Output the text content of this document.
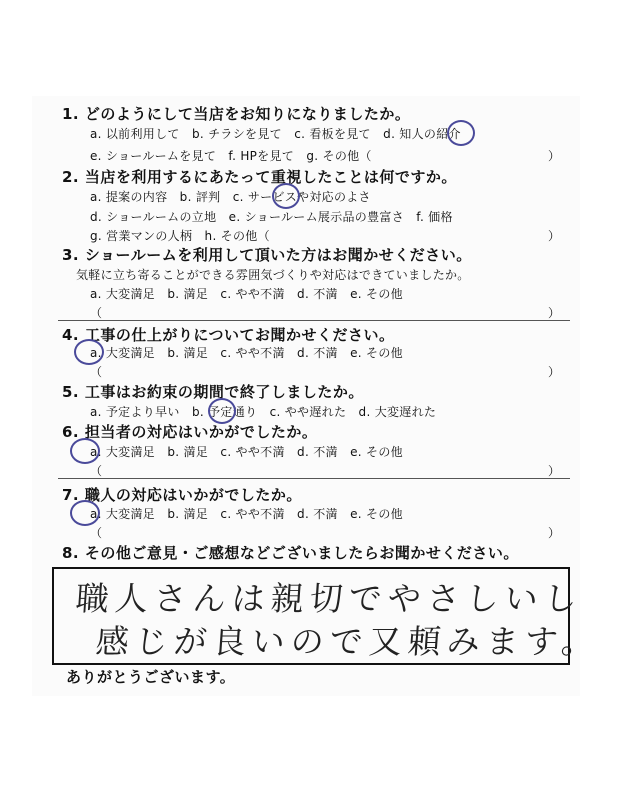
1. どのようにして当店をお知りになりましたか。
a. 以前利用して　b. チラシを見て　c. 看板を見て　d. 知人の紹介
e. ショールームを見て　f. HPを見て　g. その他（	）
2. 当店を利用するにあたって重視したことは何ですか。
a. 提案の内容　b. 評判　c. サービスや対応のよさ
d. ショールームの立地　e. ショールーム展示品の豊富さ　f. 価格
g. 営業マンの人柄　h. その他（	）
3. ショールームを利用して頂いた方はお聞かせください。
気軽に立ち寄ることができる雰囲気づくりや対応はできていましたか。
a. 大変満足　b. 満足　c. やや不満　d. 不満　e. その他
（	）
4. 工事の仕上がりについてお聞かせください。
a. 大変満足　b. 満足　c. やや不満　d. 不満　e. その他
（	）
5. 工事はお約束の期間で終了しましたか。
a. 予定より早い　b. 予定通り　c. やや遅れた　d. 大変遅れた
6. 担当者の対応はいかがでしたか。
a. 大変満足　b. 満足　c. やや不満　d. 不満　e. その他
（	）
7. 職人の対応はいかがでしたか。
a. 大変満足　b. 満足　c. やや不満　d. 不満　e. その他
（	）
8. その他ご意見・ご感想などございましたらお聞かせください。
職人さんは親切でやさしいし
感じが良いので又頼みます。
ありがとうございます。
